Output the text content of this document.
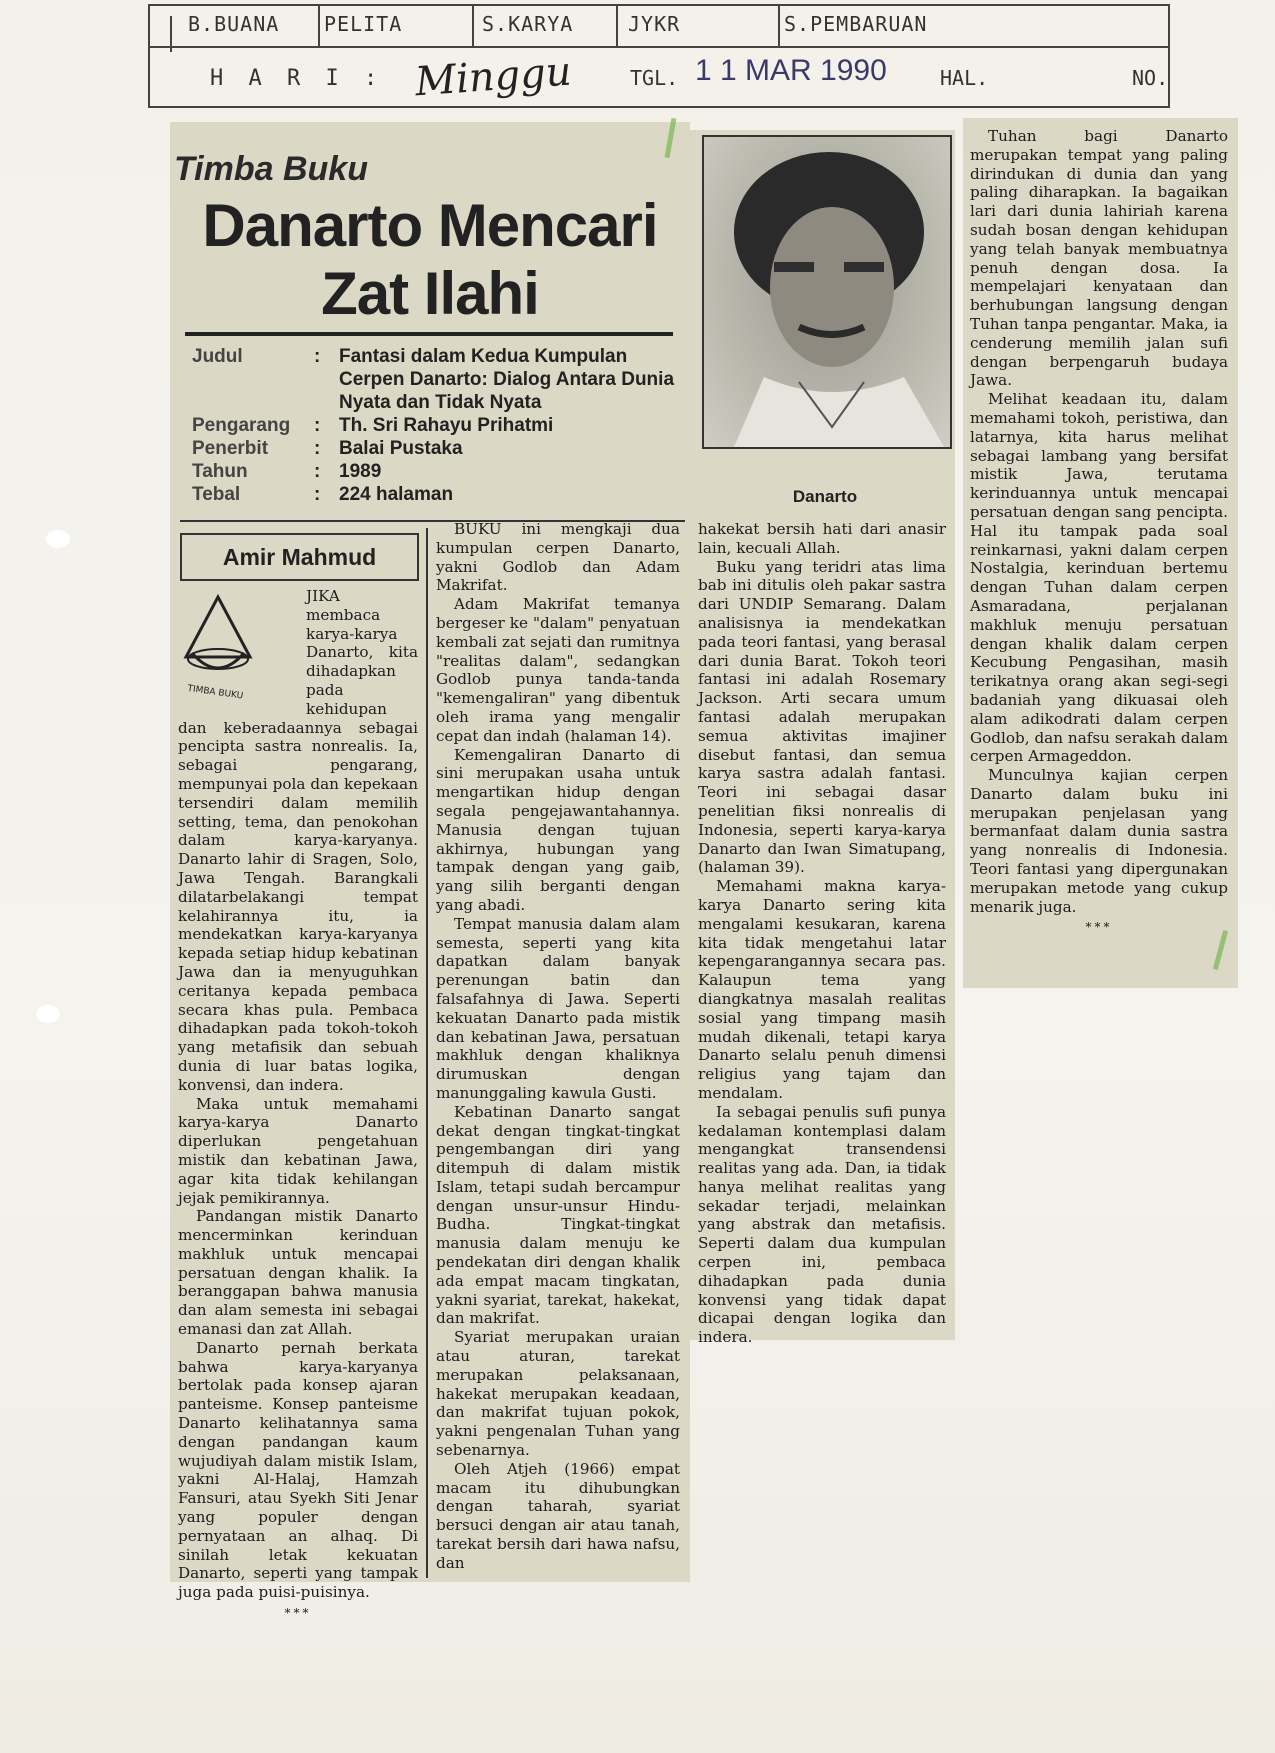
B.BUANA PELITA	S.KARYA	JYKR	S.PEMBARUAN
H A R I : Minggu	TGL. 1 1 MAR 1990	HAL.	NO.
Timba Buku
Danarto Mencari
Zat Ilahi
Judul	: Fantasi dalam Kedua Kumpulan Cerpen Danarto: Dialog Antara Dunia Nyata dan Tidak Nyata
Pengarang	: Th. Sri Rahayu Prihatmi
Penerbit	: Balai Pustaka
Tahun	: 1989
Tebal	: 224 halaman
Amir Mahmud
TIMBA BUKU

JIKA membaca karya-karya Danarto, kita dihadapkan pada kehidupan dan keberadaannya sebagai pencipta sastra nonrealis. Ia, sebagai pengarang, mempunyai pola dan kepekaan tersendiri dalam memilih setting, tema, dan penokohan dalam karya-karyanya. Danarto lahir di Sragen, Solo, Jawa Tengah. Barangkali dilatarbelakangi tempat kelahirannya itu, ia mendekatkan karya-karyanya kepada setiap hidup kebatinan Jawa dan ia menyuguhkan ceritanya kepada pembaca secara khas pula. Pembaca dihadapkan pada tokoh-tokoh yang metafisik dan sebuah dunia di luar batas logika, konvensi, dan indera.

Maka untuk memahami karya-karya Danarto diperlukan pengetahuan mistik dan kebatinan Jawa, agar kita tidak kehilangan jejak pemikirannya.

Pandangan mistik Danarto mencerminkan kerinduan makhluk untuk mencapai persatuan dengan khalik. Ia beranggapan bahwa manusia dan alam semesta ini sebagai emanasi dan zat Allah.

Danarto pernah berkata bahwa karya-karyanya bertolak pada konsep ajaran panteisme. Konsep panteisme Danarto kelihatannya sama dengan pandangan kaum wujudiyah dalam mistik Islam, yakni Al-Halaj, Hamzah Fansuri, atau Syekh Siti Jenar yang populer dengan pernyataan an alhaq. Di sinilah letak kekuatan Danarto, seperti yang tampak juga pada puisi-puisinya.

***

BUKU ini mengkaji dua kumpulan cerpen Danarto, yakni Godlob dan Adam Makrifat.

Adam Makrifat temanya bergeser ke "dalam" penyatuan kembali zat sejati dan rumitnya "realitas dalam", sedangkan Godlob punya tanda-tanda "kemengaliran" yang dibentuk oleh irama yang mengalir cepat dan indah (halaman 14).

Kemengaliran Danarto di sini merupakan usaha untuk mengartikan hidup dengan segala pengejawantahannya. Manusia dengan tujuan akhirnya, hubungan yang tampak dengan yang gaib, yang silih berganti dengan yang abadi.

Tempat manusia dalam alam semesta, seperti yang kita dapatkan dalam banyak perenungan batin dan falsafahnya di Jawa. Seperti kekuatan Danarto pada mistik dan kebatinan Jawa, persatuan makhluk dengan khaliknya dirumuskan dengan manunggaling kawula Gusti.

Kebatinan Danarto sangat dekat dengan tingkat-tingkat pengembangan diri yang ditempuh di dalam mistik Islam, tetapi sudah bercampur dengan unsur-unsur Hindu-Budha. Tingkat-tingkat manusia dalam menuju ke pendekatan diri dengan khalik ada empat macam tingkatan, yakni syariat, tarekat, hakekat, dan makrifat.

Syariat merupakan uraian atau aturan, tarekat merupakan pelaksanaan, hakekat merupakan keadaan, dan makrifat tujuan pokok, yakni pengenalan Tuhan yang sebenarnya.

Oleh Atjeh (1966) empat macam itu dihubungkan dengan taharah, syariat bersuci dengan air atau tanah, tarekat bersih dari hawa nafsu, dan

Danarto

hakekat bersih hati dari anasir lain, kecuali Allah.

Buku yang teridri atas lima bab ini ditulis oleh pakar sastra dari UNDIP Semarang. Dalam analisisnya ia mendekatkan pada teori fantasi, yang berasal dari dunia Barat. Tokoh teori fantasi ini adalah Rosemary Jackson. Arti secara umum fantasi adalah merupakan semua aktivitas imajiner disebut fantasi, dan semua karya sastra adalah fantasi. Teori ini sebagai dasar penelitian fiksi nonrealis di Indonesia, seperti karya-karya Danarto dan Iwan Simatupang, (halaman 39).

Memahami makna karya-karya Danarto sering kita mengalami kesukaran, karena kita tidak mengetahui latar kepengarangannya secara pas. Kalaupun tema yang diangkatnya masalah realitas sosial yang timpang masih mudah dikenali, tetapi karya Danarto selalu penuh dimensi religius yang tajam dan mendalam.

Ia sebagai penulis sufi punya kedalaman kontemplasi dalam mengangkat transendensi realitas yang ada. Dan, ia tidak hanya melihat realitas yang sekadar terjadi, melainkan yang abstrak dan metafisis. Seperti dalam dua kumpulan cerpen ini, pembaca dihadapkan pada dunia konvensi yang tidak dapat dicapai dengan logika dan indera.

Tuhan bagi Danarto merupakan tempat yang paling dirindukan di dunia dan yang paling diharapkan. Ia bagaikan lari dari dunia lahiriah karena sudah bosan dengan kehidupan yang telah banyak membuatnya penuh dengan dosa. Ia mempelajari kenyataan dan berhubungan langsung dengan Tuhan tanpa pengantar. Maka, ia cenderung memilih jalan sufi dengan berpengaruh budaya Jawa.

Melihat keadaan itu, dalam memahami tokoh, peristiwa, dan latarnya, kita harus melihat sebagai lambang yang bersifat mistik Jawa, terutama kerinduannya untuk mencapai persatuan dengan sang pencipta. Hal itu tampak pada soal reinkarnasi, yakni dalam cerpen Nostalgia, kerinduan bertemu dengan Tuhan dalam cerpen Asmaradana, perjalanan makhluk menuju persatuan dengan khalik dalam cerpen Kecubung Pengasihan, masih terikatnya orang akan segi-segi badaniah yang dikuasai oleh alam adikodrati dalam cerpen Godlob, dan nafsu serakah dalam cerpen Armageddon.

Munculnya kajian cerpen Danarto dalam buku ini merupakan penjelasan yang bermanfaat dalam dunia sastra yang nonrealis di Indonesia. Teori fantasi yang dipergunakan merupakan metode yang cukup menarik juga.

***
